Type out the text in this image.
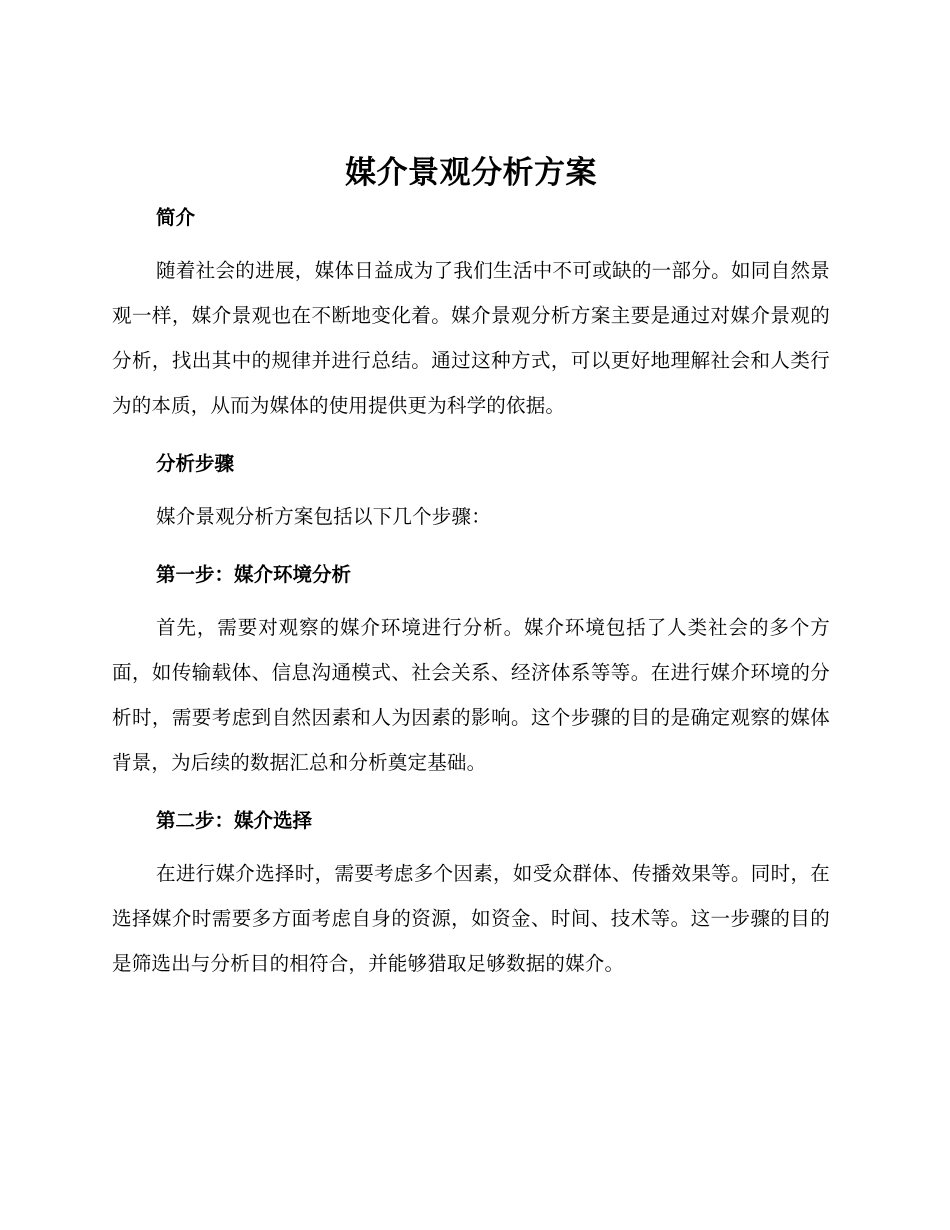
媒介景观分析方案
简介

随着社会的进展，媒体日益成为了我们生活中不可或缺的一部分。如同自然景观一样，媒介景观也在不断地变化着。媒介景观分析方案主要是通过对媒介景观的分析，找出其中的规律并进行总结。通过这种方式，可以更好地理解社会和人类行为的本质，从而为媒体的使用提供更为科学的依据。

分析步骤

媒介景观分析方案包括以下几个步骤：

第一步：媒介环境分析

首先，需要对观察的媒介环境进行分析。媒介环境包括了人类社会的多个方面，如传输载体、信息沟通模式、社会关系、经济体系等等。在进行媒介环境的分析时，需要考虑到自然因素和人为因素的影响。这个步骤的目的是确定观察的媒体背景，为后续的数据汇总和分析奠定基础。

第二步：媒介选择

在进行媒介选择时，需要考虑多个因素，如受众群体、传播效果等。同时，在选择媒介时需要多方面考虑自身的资源，如资金、时间、技术等。这一步骤的目的是筛选出与分析目的相符合，并能够猎取足够数据的媒介。
